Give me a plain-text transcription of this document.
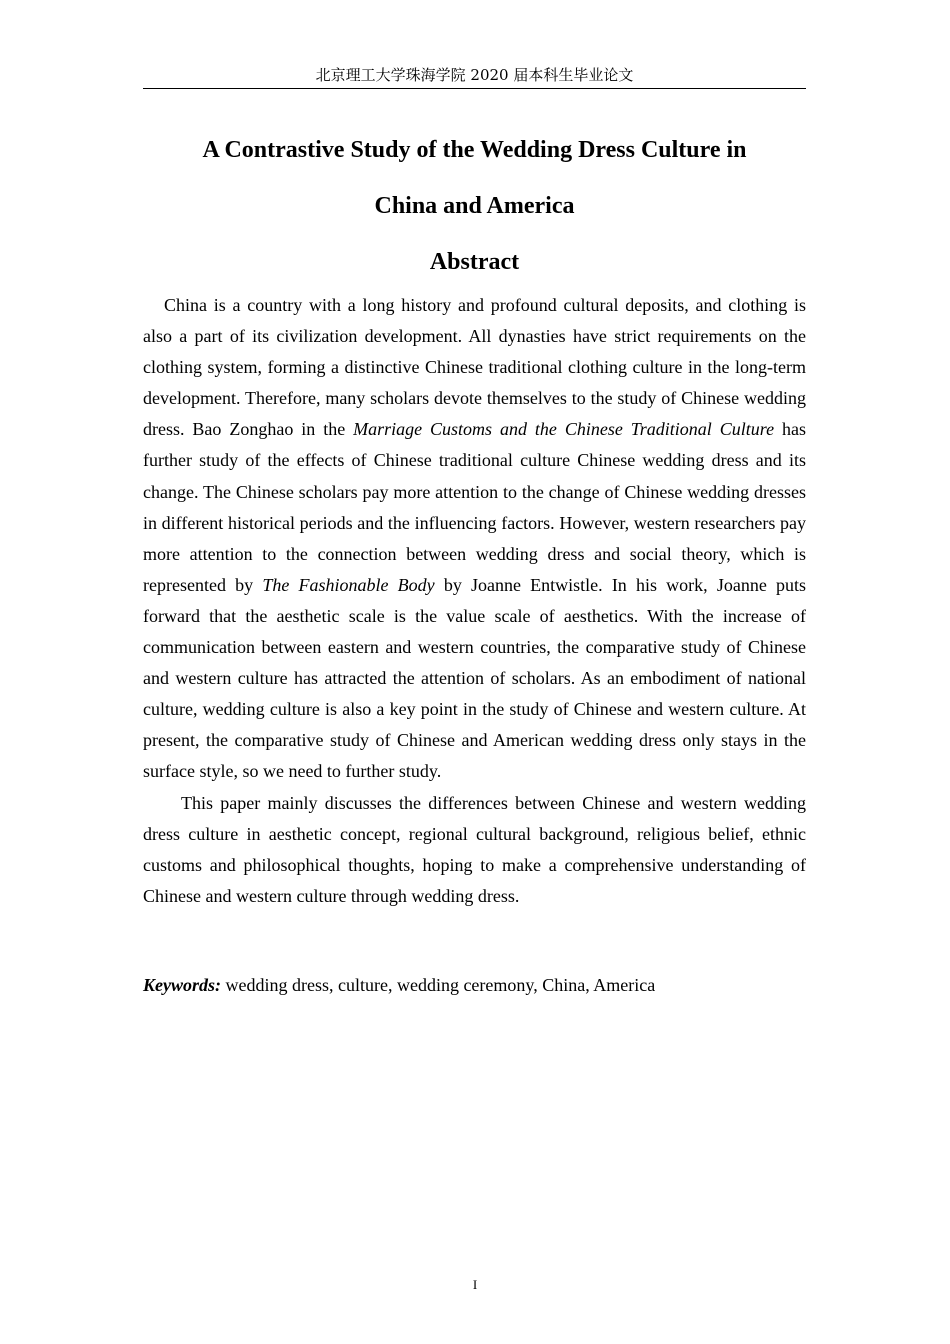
北京理工大学珠海学院 2020 届本科生毕业论文
A Contrastive Study of the Wedding Dress Culture in
China and America
Abstract

China is a country with a long history and profound cultural deposits, and clothing is also a part of its civilization development. All dynasties have strict requirements on the clothing system, forming a distinctive Chinese traditional clothing culture in the long-term development. Therefore, many scholars devote themselves to the study of Chinese wedding dress. Bao Zonghao in the Marriage Customs and the Chinese Traditional Culture has further study of the effects of Chinese traditional culture Chinese wedding dress and its change. The Chinese scholars pay more attention to the change of Chinese wedding dresses in different historical periods and the influencing factors. However, western researchers pay more attention to the connection between wedding dress and social theory, which is represented by The Fashionable Body by Joanne Entwistle. In his work, Joanne puts forward that the aesthetic scale is the value scale of aesthetics. With the increase of communication between eastern and western countries, the comparative study of Chinese and western culture has attracted the attention of scholars. As an embodiment of national culture, wedding culture is also a key point in the study of Chinese and western culture. At present, the comparative study of Chinese and American wedding dress only stays in the surface style, so we need to further study.

This paper mainly discusses the differences between Chinese and western wedding dress culture in aesthetic concept, regional cultural background, religious belief, ethnic customs and philosophical thoughts, hoping to make a comprehensive understanding of Chinese and western culture through wedding dress.

Keywords: wedding dress, culture, wedding ceremony, China, America
I
